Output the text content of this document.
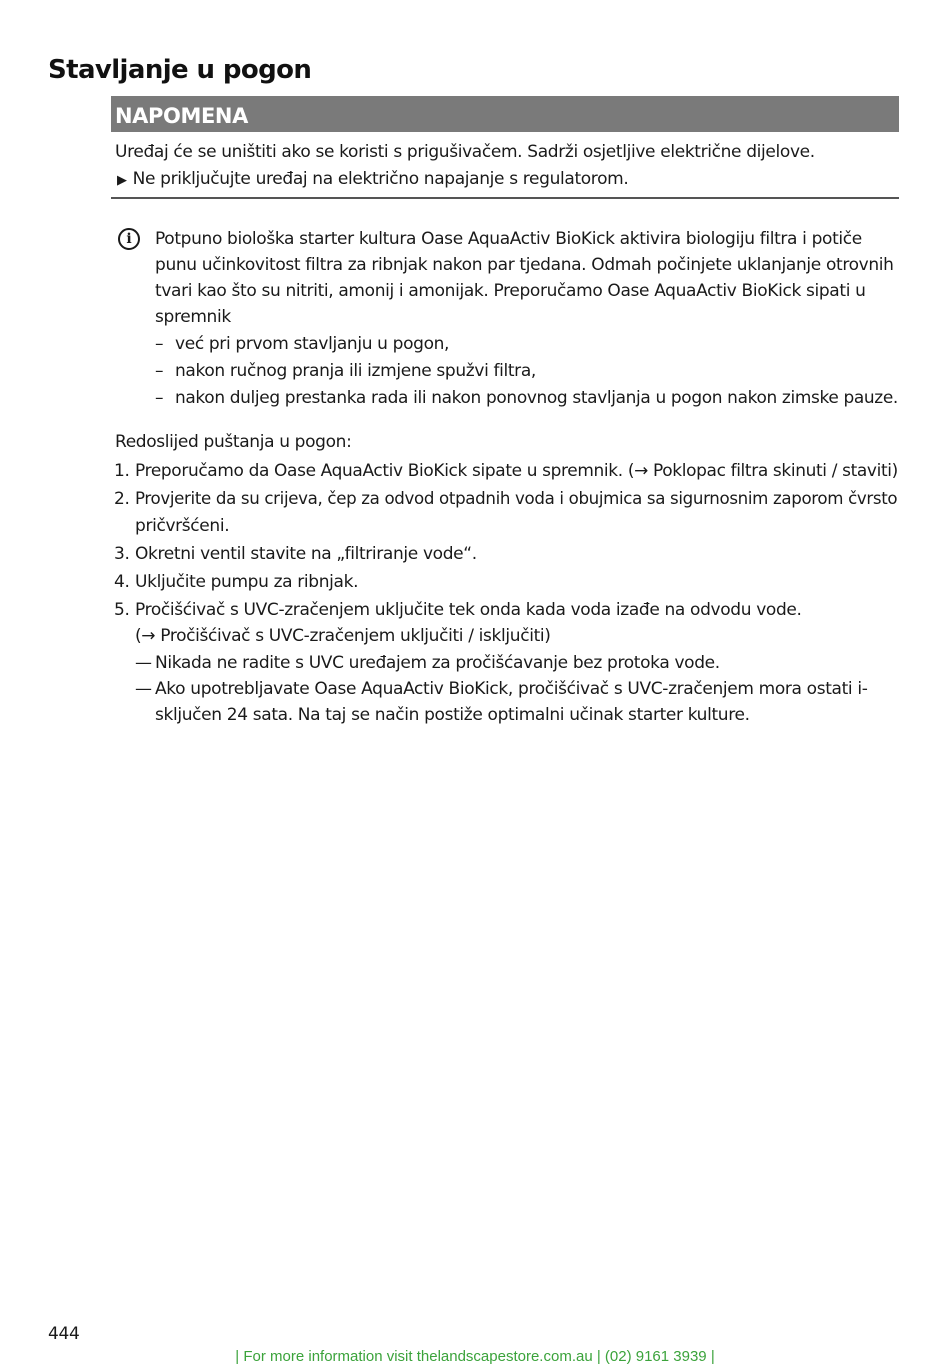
Stavljanje u pogon
NAPOMENA
Uređaj će se uništiti ako se koristi s prigušivačem. Sadrži osjetljive električne dijelove.
▶ Ne priključujte uređaj na električno napajanje s regulatorom.
i	Potpuno biološka starter kultura Oase AquaActiv BioKick aktivira biologiju filtra i potiče
punu učinkovitost filtra za ribnjak nakon par tjedana. Odmah počinjete uklanjanje otrovnih
tvari kao što su nitriti, amonij i amonijak. Preporučamo Oase AquaActiv BioKick sipati u
spremnik
– već pri prvom stavljanju u pogon,
– nakon ručnog pranja ili izmjene spužvi filtra,
– nakon duljeg prestanka rada ili nakon ponovnog stavljanja u pogon nakon zimske pauze.
Redoslijed puštanja u pogon:
1. Preporučamo da Oase AquaActiv BioKick sipate u spremnik. (→ Poklopac filtra skinuti / staviti)
2. Provjerite da su crijeva, čep za odvod otpadnih voda i obujmica sa sigurnosnim zaporom čvrsto
pričvršćeni.
3. Okretni ventil stavite na „filtriranje vode“.
4. Uključite pumpu za ribnjak.
5. Pročišćivač s UVC-zračenjem uključite tek onda kada voda izađe na odvodu vode.
(→ Pročišćivač s UVC-zračenjem uključiti / isključiti)
— Nikada ne radite s UVC uređajem za pročišćavanje bez protoka vode.
— Ako upotrebljavate Oase AquaActiv BioKick, pročišćivač s UVC-zračenjem mora ostati i-
sključen 24 sata. Na taj se način postiže optimalni učinak starter kulture.
444
| For more information visit thelandscapestore.com.au | (02) 9161 3939 |
